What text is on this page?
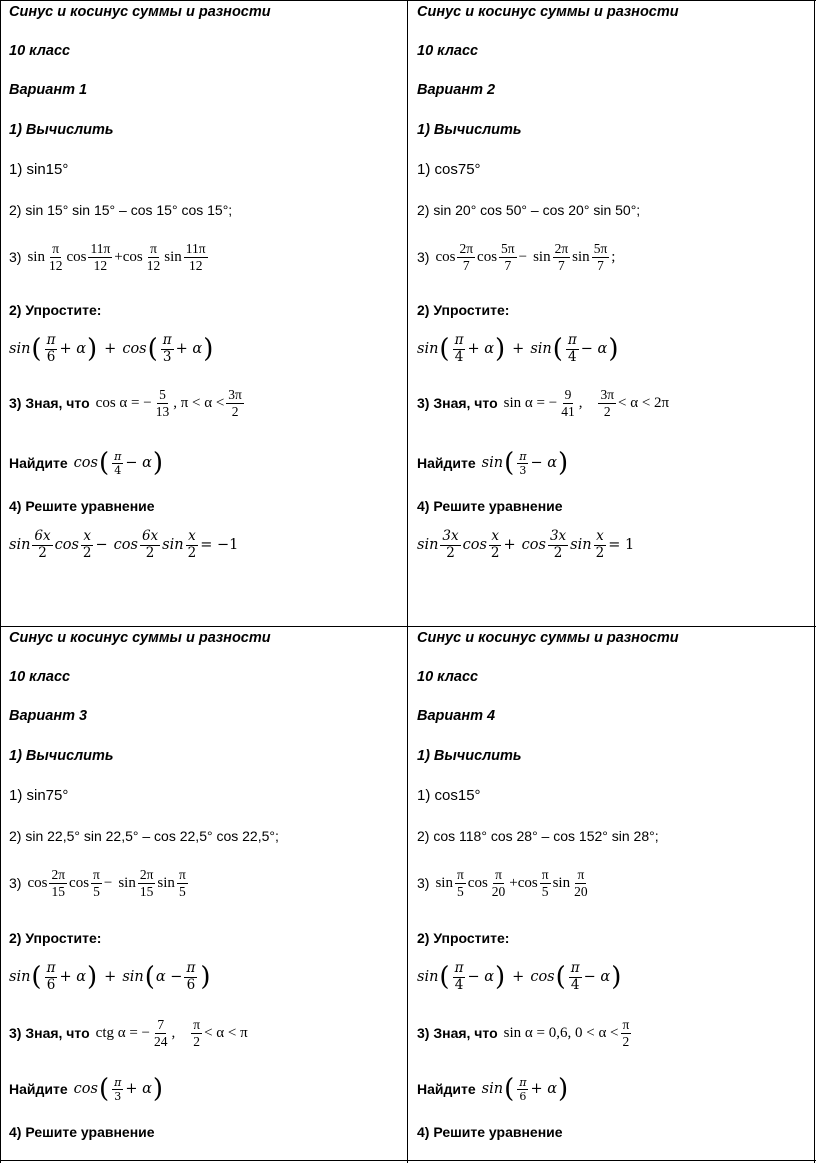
Синус и косинус суммы и разности
10 класс
Вариант 1
1) Вычислить
1) sin15°
2) sin 15° sin 15° – cos 15° cos 15°;
3) $\sin \frac{\pi}{12}$ $\cos \frac{11\pi}{12} + \cos \frac{\pi}{12}$ $\sin \frac{11\pi}{12}$
2) Упростите:
sin ( $\frac{\pi}{6} + \alpha$ ) + cos ( $\frac{\pi}{3} + \alpha$ )
3) Зная, что cos α = − $\frac{5}{13}$ , $\pi < \alpha < \frac{3\pi}{2}$
Найдите cos ( $\frac{\pi}{4} - \alpha$ )
4) Решите уравнение
$\sin \frac{6x}{2}$ $\cos \frac{x}{2} - \cos \frac{6x}{2}$ $\sin \frac{x}{2} = -1$
Синус и косинус суммы и разности
10 класс
Вариант 2
1) Вычислить
1) cos75°
2) sin 20° cos 50° – cos 20° sin 50°;
3) $\cos \frac{2\pi}{7}$ $\cos \frac{5\pi}{7} - \sin \frac{2\pi}{7}$ $\sin \frac{5\pi}{7}$ ;
2) Упростите:
sin ( $\frac{\pi}{4} + \alpha$ ) + sin ( $\frac{\pi}{4} - \alpha$ )
3) Зная, что sin α = − $\frac{9}{41}$ , $\frac{3\pi}{2} < \alpha < 2\pi$
Найдите sin ( $\frac{\pi}{3} - \alpha$ )
4) Решите уравнение
$\sin \frac{3x}{2}$ $\cos \frac{x}{2} + \cos \frac{3x}{2}$ $\sin \frac{x}{2} = 1$
Синус и косинус суммы и разности
10 класс
Вариант 3
1) Вычислить
1) sin75°
2) sin 22,5° sin 22,5° – cos 22,5° cos 22,5°;
3) $\cos \frac{2\pi}{15}$ $\cos \frac{\pi}{5} - \sin \frac{2\pi}{15}$ $\sin \frac{\pi}{5}$
2) Упростите:
sin ( $\frac{\pi}{6} + \alpha$ ) + sin ( $\alpha - \frac{\pi}{6}$ )
3) Зная, что ctg α = − $\frac{7}{24}$ , $\frac{\pi}{2} < \alpha < \pi$
Найдите cos ( $\frac{\pi}{3} + \alpha$ )
4) Решите уравнение
Синус и косинус суммы и разности
10 класс
Вариант 4
1) Вычислить
1) cos15°
2) cos 118° cos 28° – cos 152° sin 28°;
3) $\sin \frac{\pi}{5}$ $\cos \frac{\pi}{20} + \cos \frac{\pi}{5}$ $\sin \frac{\pi}{20}$
2) Упростите:
sin ( $\frac{\pi}{4} - \alpha$ ) + cos ( $\frac{\pi}{4} - \alpha$ )
3) Зная, что sin α = 0,6, $0 < \alpha < \frac{\pi}{2}$
Найдите sin ( $\frac{\pi}{6} + \alpha$ )
4) Решите уравнение
